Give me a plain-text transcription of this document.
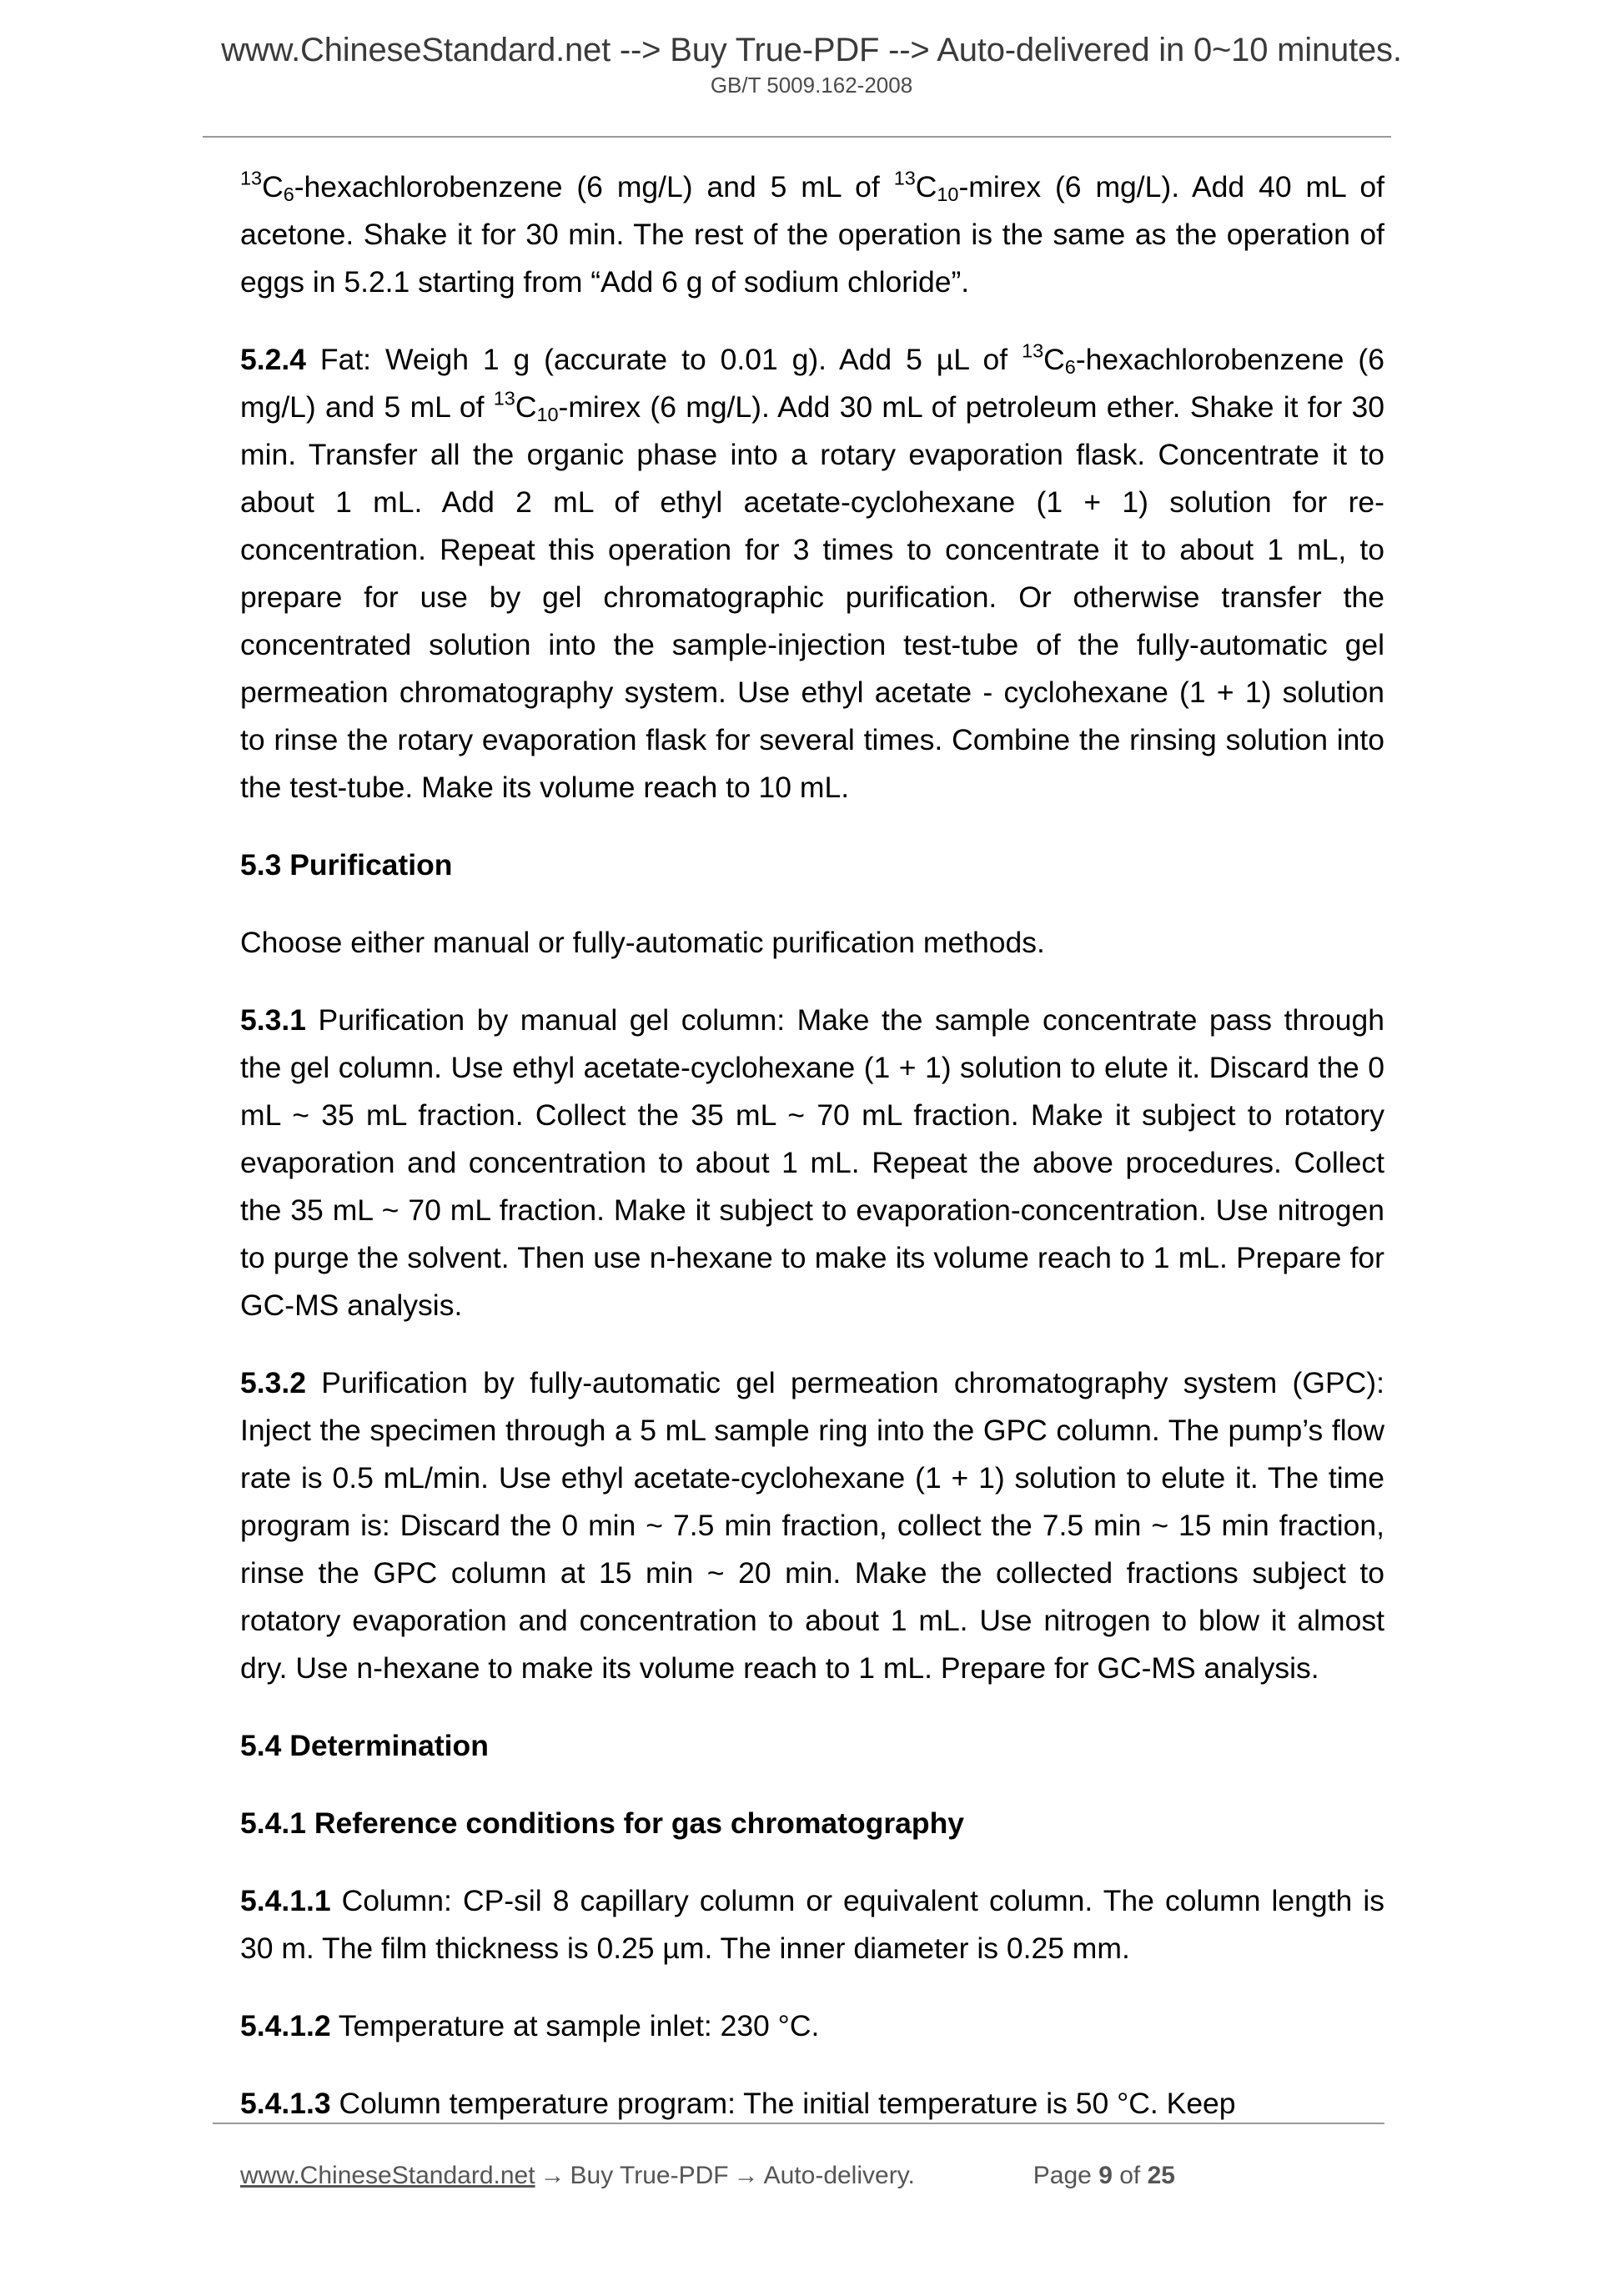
www.ChineseStandard.net --> Buy True-PDF --> Auto-delivered in 0~10 minutes.
GB/T 5009.162-2008

$^{13}C_6$-hexachlorobenzene (6 mg/L) and 5 mL of $^{13}C_{10}$-mirex (6 mg/L). Add 40 mL of acetone. Shake it for 30 min. The rest of the operation is the same as the operation of eggs in 5.2.1 starting from “Add 6 g of sodium chloride”.

5.2.4 Fat: Weigh 1 g (accurate to 0.01 g). Add 5 µL of $^{13}C_6$-hexachlorobenzene (6 mg/L) and 5 mL of $^{13}C_{10}$-mirex (6 mg/L). Add 30 mL of petroleum ether. Shake it for 30 min. Transfer all the organic phase into a rotary evaporation flask. Concentrate it to about 1 mL. Add 2 mL of ethyl acetate-cyclohexane (1 + 1) solution for re-concentration. Repeat this operation for 3 times to concentrate it to about 1 mL, to prepare for use by gel chromatographic purification. Or otherwise transfer the concentrated solution into the sample-injection test-tube of the fully-automatic gel permeation chromatography system. Use ethyl acetate - cyclohexane (1 + 1) solution to rinse the rotary evaporation flask for several times. Combine the rinsing solution into the test-tube. Make its volume reach to 10 mL.

5.3 Purification

Choose either manual or fully-automatic purification methods.

5.3.1 Purification by manual gel column: Make the sample concentrate pass through the gel column. Use ethyl acetate-cyclohexane (1 + 1) solution to elute it. Discard the 0 mL ~ 35 mL fraction. Collect the 35 mL ~ 70 mL fraction. Make it subject to rotatory evaporation and concentration to about 1 mL. Repeat the above procedures. Collect the 35 mL ~ 70 mL fraction. Make it subject to evaporation-concentration. Use nitrogen to purge the solvent. Then use n-hexane to make its volume reach to 1 mL. Prepare for GC-MS analysis.

5.3.2 Purification by fully-automatic gel permeation chromatography system (GPC): Inject the specimen through a 5 mL sample ring into the GPC column. The pump’s flow rate is 0.5 mL/min. Use ethyl acetate-cyclohexane (1 + 1) solution to elute it. The time program is: Discard the 0 min ~ 7.5 min fraction, collect the 7.5 min ~ 15 min fraction, rinse the GPC column at 15 min ~ 20 min. Make the collected fractions subject to rotatory evaporation and concentration to about 1 mL. Use nitrogen to blow it almost dry. Use n-hexane to make its volume reach to 1 mL. Prepare for GC-MS analysis.

5.4 Determination
5.4.1 Reference conditions for gas chromatography

5.4.1.1 Column: CP-sil 8 capillary column or equivalent column. The column length is 30 m. The film thickness is 0.25 µm. The inner diameter is 0.25 mm.

5.4.1.2 Temperature at sample inlet: 230 °C.

5.4.1.3 Column temperature program: The initial temperature is 50 °C. Keep

www.ChineseStandard.net → Buy True-PDF → Auto-delivery.	Page 9 of 25
